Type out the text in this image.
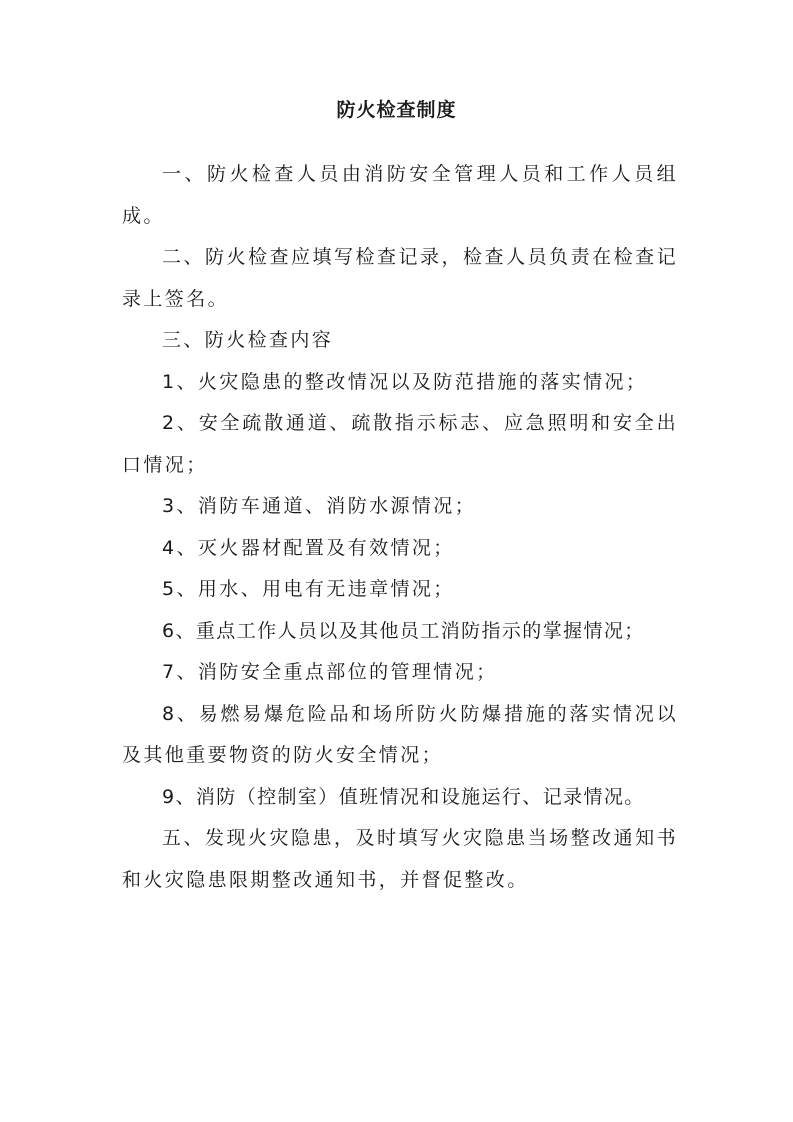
防火检查制度

一、防火检查人员由消防安全管理人员和工作人员组成。

二、防火检查应填写检查记录，检查人员负责在检查记录上签名。

三、防火检查内容

1、火灾隐患的整改情况以及防范措施的落实情况；

2、安全疏散通道、疏散指示标志、应急照明和安全出口情况；

3、消防车通道、消防水源情况；

4、灭火器材配置及有效情况；

5、用水、用电有无违章情况；

6、重点工作人员以及其他员工消防指示的掌握情况；

7、消防安全重点部位的管理情况；

8、易燃易爆危险品和场所防火防爆措施的落实情况以及其他重要物资的防火安全情况；

9、消防（控制室）值班情况和设施运行、记录情况。

五、发现火灾隐患，及时填写火灾隐患当场整改通知书和火灾隐患限期整改通知书，并督促整改。
